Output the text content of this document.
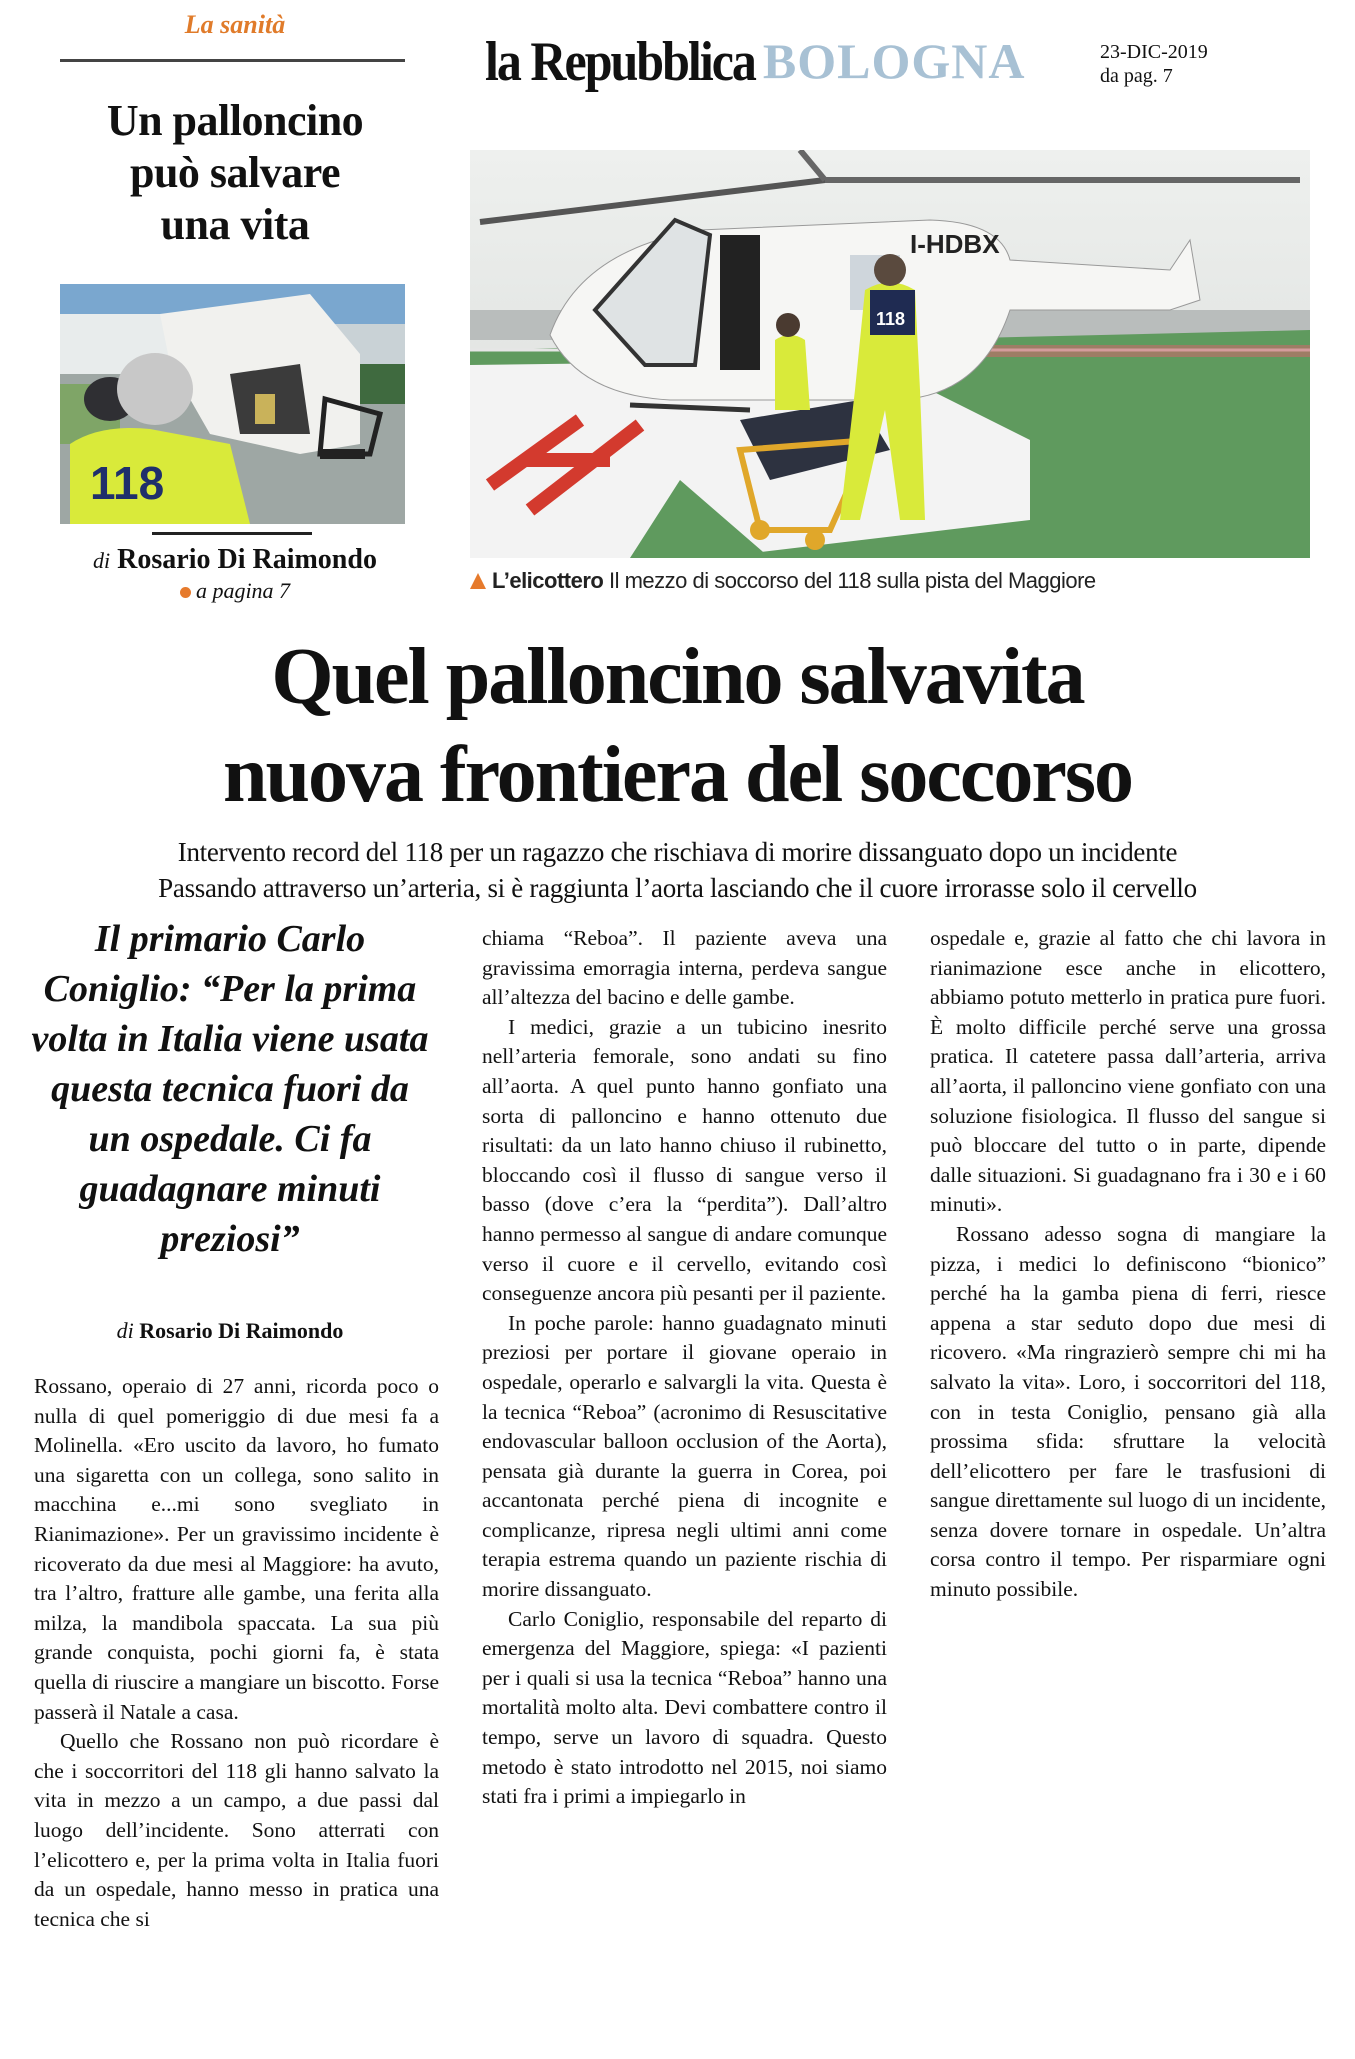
La sanità
Un palloncino
può salvare
una vita
118
di Rosario Di Raimondo
a pagina 7
la Repubblica BOLOGNA	23-DIC-2019
da pag. 7
I-HDBX
118
L’elicottero Il mezzo di soccorso del 118 sulla pista del Maggiore
Quel palloncino salvavita
nuova frontiera del soccorso
Intervento record del 118 per un ragazzo che rischiava di morire dissanguato dopo un incidente
Passando attraverso un’arteria, si è raggiunta l’aorta lasciando che il cuore irrorasse solo il cervello
Il primario Carlo Coniglio: “Per la prima volta in Italia viene usata questa tecnica fuori da un ospedale. Ci fa guadagnare minuti preziosi”
di Rosario Di Raimondo

Rossano, operaio di 27 anni, ricorda poco o nulla di quel pomeriggio di due mesi fa a Molinella. «Ero uscito da lavoro, ho fumato una sigaretta con un collega, sono salito in macchina e...mi sono svegliato in Rianimazione». Per un gravissimo incidente è ricoverato da due mesi al Maggiore: ha avuto, tra l’altro, fratture alle gambe, una ferita alla milza, la mandibola spaccata. La sua più grande conquista, pochi giorni fa, è stata quella di riuscire a mangiare un biscotto. Forse passerà il Natale a casa.

Quello che Rossano non può ricordare è che i soccorritori del 118 gli hanno salvato la vita in mezzo a un campo, a due passi dal luogo dell’incidente. Sono atterrati con l’elicottero e, per la prima volta in Italia fuori da un ospedale, hanno messo in pratica una tecnica che si

chiama “Reboa”. Il paziente aveva una gravissima emorragia interna, perdeva sangue all’altezza del bacino e delle gambe.

I medici, grazie a un tubicino inesrito nell’arteria femorale, sono andati su fino all’aorta. A quel punto hanno gonfiato una sorta di palloncino e hanno ottenuto due risultati: da un lato hanno chiuso il rubinetto, bloccando così il flusso di sangue verso il basso (dove c’era la “perdita”). Dall’altro hanno permesso al sangue di andare comunque verso il cuore e il cervello, evitando così conseguenze ancora più pesanti per il paziente.

In poche parole: hanno guadagnato minuti preziosi per portare il giovane operaio in ospedale, operarlo e salvargli la vita. Questa è la tecnica “Reboa” (acronimo di Resuscitative endovascular balloon occlusion of the Aorta), pensata già durante la guerra in Corea, poi accantonata perché piena di incognite e complicanze, ripresa negli ultimi anni come terapia estrema quando un paziente rischia di morire dissanguato.

Carlo Coniglio, responsabile del reparto di emergenza del Maggiore, spiega: «I pazienti per i quali si usa la tecnica “Reboa” hanno una mortalità molto alta. Devi combattere contro il tempo, serve un lavoro di squadra. Questo metodo è stato introdotto nel 2015, noi siamo stati fra i primi a impiegarlo in

ospedale e, grazie al fatto che chi lavora in rianimazione esce anche in elicottero, abbiamo potuto metterlo in pratica pure fuori. È molto difficile perché serve una grossa pratica. Il catetere passa dall’arteria, arriva all’aorta, il palloncino viene gonfiato con una soluzione fisiologica. Il flusso del sangue si può bloccare del tutto o in parte, dipende dalle situazioni. Si guadagnano fra i 30 e i 60 minuti».

Rossano adesso sogna di mangiare la pizza, i medici lo definiscono “bionico” perché ha la gamba piena di ferri, riesce appena a star seduto dopo due mesi di ricovero. «Ma ringrazierò sempre chi mi ha salvato la vita». Loro, i soccorritori del 118, con in testa Coniglio, pensano già alla prossima sfida: sfruttare la velocità dell’elicottero per fare le trasfusioni di sangue direttamente sul luogo di un incidente, senza dovere tornare in ospedale. Un’altra corsa contro il tempo. Per risparmiare ogni minuto possibile.
